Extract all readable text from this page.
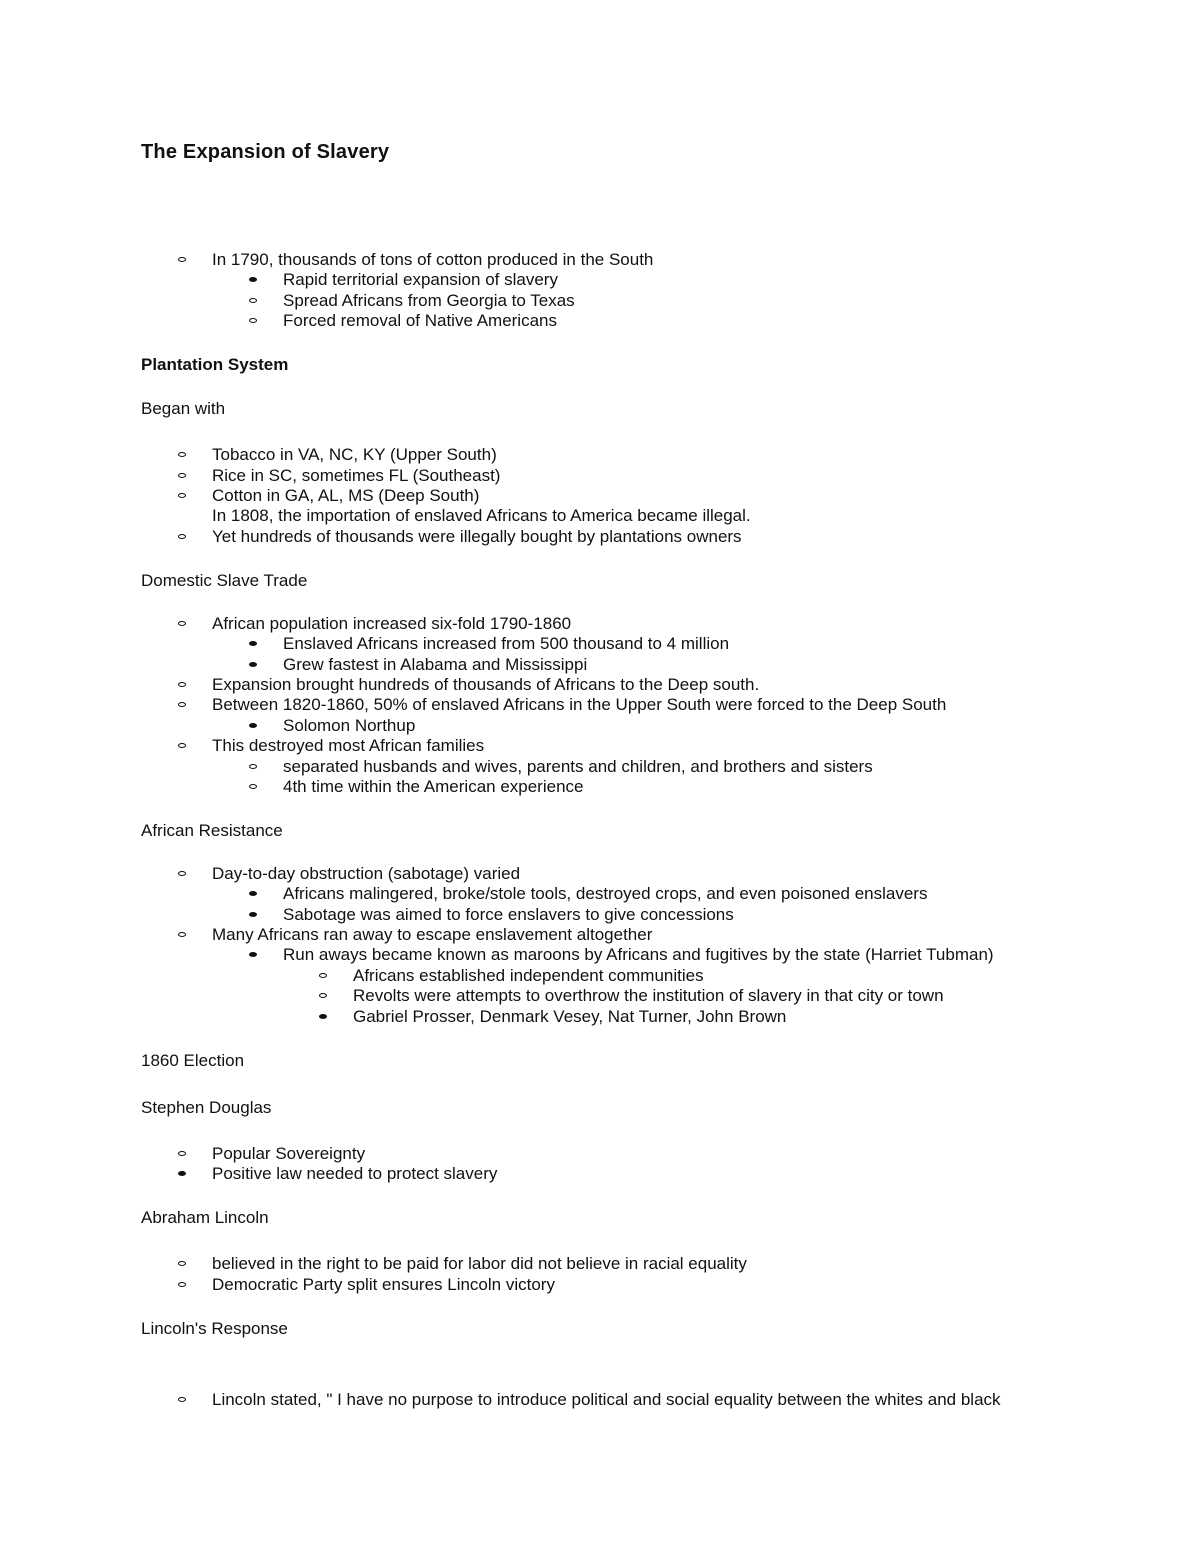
The Expansion of Slavery
In 1790, thousands of tons of cotton produced in the South
Rapid territorial expansion of slavery
Spread Africans from Georgia to Texas
Forced removal of Native Americans
Plantation System
Began with
Tobacco in VA, NC, KY (Upper South)
Rice in SC, sometimes FL (Southeast)
Cotton in GA, AL, MS (Deep South)
In 1808, the importation of enslaved Africans to America became illegal.
Yet hundreds of thousands were illegally bought by plantations owners
Domestic Slave Trade
African population increased six-fold 1790-1860
Enslaved Africans increased from 500 thousand to 4 million
Grew fastest in Alabama and Mississippi
Expansion brought hundreds of thousands of Africans to the Deep south.
Between 1820-1860, 50% of enslaved Africans in the Upper South were forced to the Deep South
Solomon Northup
This destroyed most African families
separated husbands and wives, parents and children, and brothers and sisters
4th time within the American experience
African Resistance
Day-to-day obstruction (sabotage) varied
Africans malingered, broke/stole tools, destroyed crops, and even poisoned enslavers
Sabotage was aimed to force enslavers to give concessions
Many Africans ran away to escape enslavement altogether
Run aways became known as maroons by Africans and fugitives by the state (Harriet Tubman)
Africans established independent communities
Revolts were attempts to overthrow the institution of slavery in that city or town
Gabriel Prosser, Denmark Vesey, Nat Turner, John Brown
1860 Election
Stephen Douglas
Popular Sovereignty
Positive law needed to protect slavery
Abraham Lincoln
believed in the right to be paid for labor did not believe in racial equality
Democratic Party split ensures Lincoln victory
Lincoln's Response
Lincoln stated, " I have no purpose to introduce political and social equality between the whites and black
